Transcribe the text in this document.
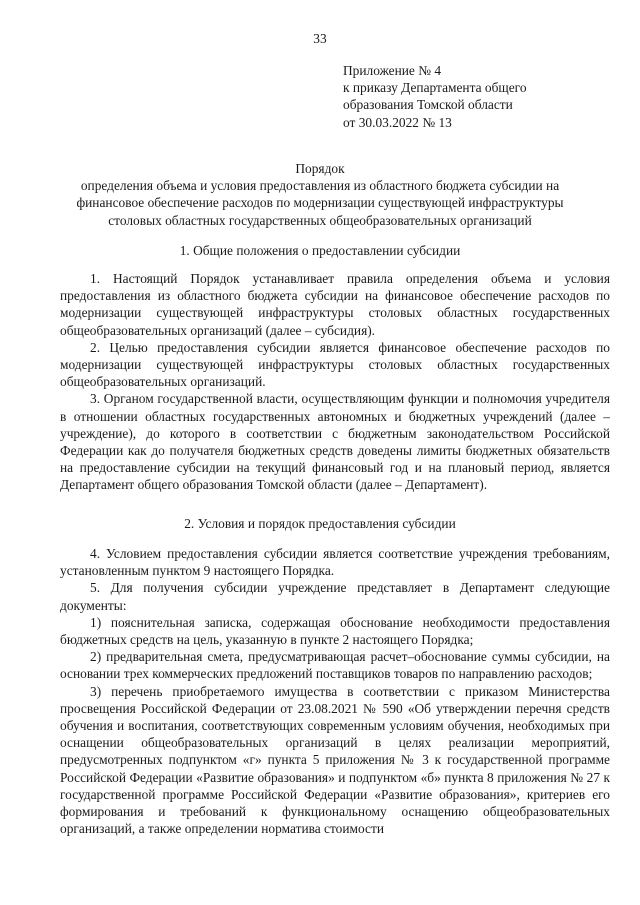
33
Приложение № 4
к приказу Департамента общего
образования Томской области
от 30.03.2022 № 13
Порядок
определения объема и условия предоставления из областного бюджета субсидии на
финансовое обеспечение расходов по модернизации существующей инфраструктуры
столовых областных государственных общеобразовательных организаций
1. Общие положения о предоставлении субсидии

1. Настоящий Порядок устанавливает правила определения объема и условия предоставления из областного бюджета субсидии на финансовое обеспечение расходов по модернизации существующей инфраструктуры столовых областных государственных общеобразовательных организаций (далее – субсидия).

2. Целью предоставления субсидии является финансовое обеспечение расходов по модернизации существующей инфраструктуры столовых областных государственных общеобразовательных организаций.

3. Органом государственной власти, осуществляющим функции и полномочия учредителя в отношении областных государственных автономных и бюджетных учреждений (далее – учреждение), до которого в соответствии с бюджетным законодательством Российской Федерации как до получателя бюджетных средств доведены лимиты бюджетных обязательств на предоставление субсидии на текущий финансовый год и на плановый период, является Департамент общего образования Томской области (далее – Департамент).

2. Условия и порядок предоставления субсидии

4. Условием предоставления субсидии является соответствие учреждения требованиям, установленным пунктом 9 настоящего Порядка.

5. Для получения субсидии учреждение представляет в Департамент следующие документы:

1) пояснительная записка, содержащая обоснование необходимости предоставления бюджетных средств на цель, указанную в пункте 2 настоящего Порядка;

2) предварительная смета, предусматривающая расчет–обоснование суммы субсидии, на основании трех коммерческих предложений поставщиков товаров по направлению расходов;

3) перечень приобретаемого имущества в соответствии с приказом Министерства просвещения Российской Федерации от 23.08.2021 № 590 «Об утверждении перечня средств обучения и воспитания, соответствующих современным условиям обучения, необходимых при оснащении общеобразовательных организаций в целях реализации мероприятий, предусмотренных подпунктом «г» пункта 5 приложения № 3 к государственной программе Российской Федерации «Развитие образования» и подпунктом «б» пункта 8 приложения № 27 к государственной программе Российской Федерации «Развитие образования», критериев его формирования и требований к функциональному оснащению общеобразовательных организаций, а также определении норматива стоимости
